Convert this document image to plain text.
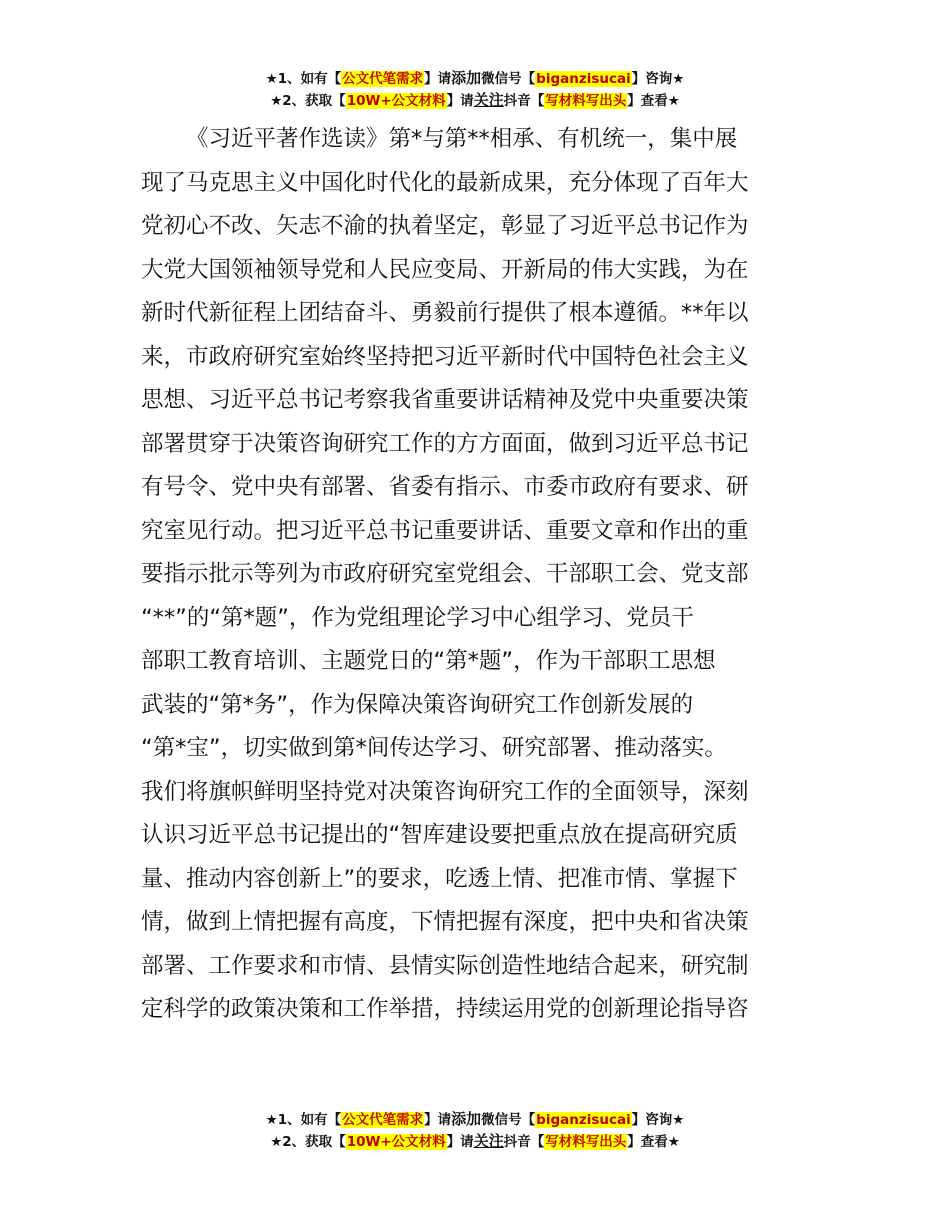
★1、如有【公文代笔需求】请添加微信号【biganzisucai】咨询★
★2、获取【10W+公文材料】请关注抖音【写材料写出头】查看★
《习近平著作选读》第*与第**相承、有机统一，集中展
现了马克思主义中国化时代化的最新成果，充分体现了百年大
党初心不改、矢志不渝的执着坚定，彰显了习近平总书记作为
大党大国领袖领导党和人民应变局、开新局的伟大实践，为在
新时代新征程上团结奋斗、勇毅前行提供了根本遵循。**年以
来，市政府研究室始终坚持把习近平新时代中国特色社会主义
思想、习近平总书记考察我省重要讲话精神及党中央重要决策
部署贯穿于决策咨询研究工作的方方面面，做到习近平总书记
有号令、党中央有部署、省委有指示、市委市政府有要求、研
究室见行动。把习近平总书记重要讲话、重要文章和作出的重
要指示批示等列为市政府研究室党组会、干部职工会、党支部
“**”的“第*题”，作为党组理论学习中心组学习、党员干
部职工教育培训、主题党日的“第*题”，作为干部职工思想
武装的“第*务”，作为保障决策咨询研究工作创新发展的
“第*宝”，切实做到第*间传达学习、研究部署、推动落实。
我们将旗帜鲜明坚持党对决策咨询研究工作的全面领导，深刻
认识习近平总书记提出的“智库建设要把重点放在提高研究质
量、推动内容创新上”的要求，吃透上情、把准市情、掌握下
情，做到上情把握有高度，下情把握有深度，把中央和省决策
部署、工作要求和市情、县情实际创造性地结合起来，研究制
定科学的政策决策和工作举措，持续运用党的创新理论指导咨
★1、如有【公文代笔需求】请添加微信号【biganzisucai】咨询★
★2、获取【10W+公文材料】请关注抖音【写材料写出头】查看★
